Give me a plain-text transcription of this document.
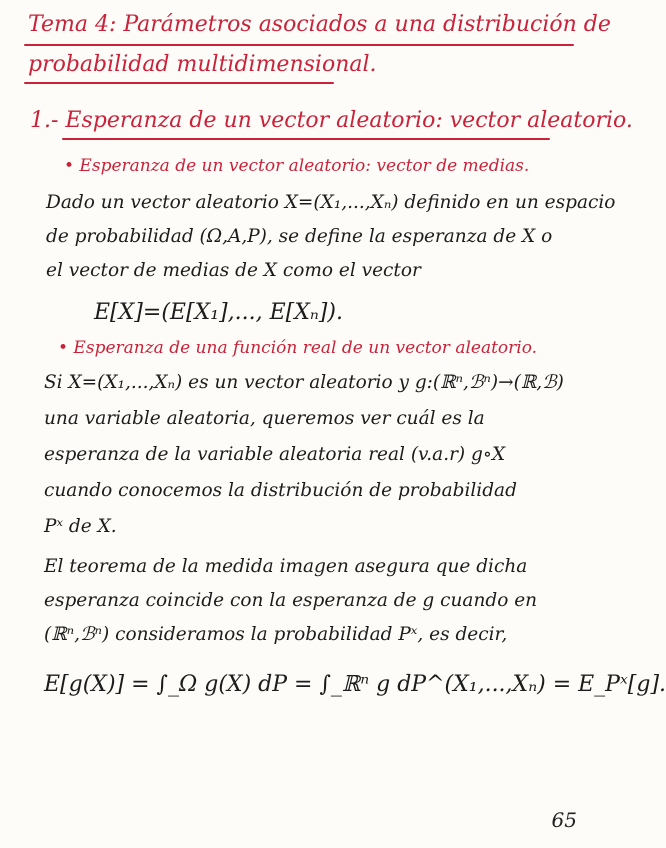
Tema 4: Parámetros asociados a una distribución de
probabilidad multidimensional.
1.- Esperanza de un vector aleatorio: vector aleatorio.
• Esperanza de un vector aleatorio: vector de medias.
Dado un vector aleatorio X=(X₁,...,Xₙ) definido en un espacio
de probabilidad (Ω,A,P), se define la esperanza de X o
el vector de medias de X como el vector
E[X]=(E[X₁],..., E[Xₙ]).
• Esperanza de una función real de un vector aleatorio.
Si X=(X₁,...,Xₙ) es un vector aleatorio y g:(ℝⁿ,ℬⁿ)→(ℝ,ℬ)
una variable aleatoria, queremos ver cuál es la
esperanza de la variable aleatoria real (v.a.r) g∘X
cuando conocemos la distribución de probabilidad
Pˣ de X.
El teorema de la medida imagen asegura que dicha
esperanza coincide con la esperanza de g cuando en
(ℝⁿ,ℬⁿ) consideramos la probabilidad Pˣ, es decir,
E[g(X)] = ∫_Ω g(X) dP = ∫_ℝⁿ g dP^(X₁,...,Xₙ) = E_Pˣ[g].
65
